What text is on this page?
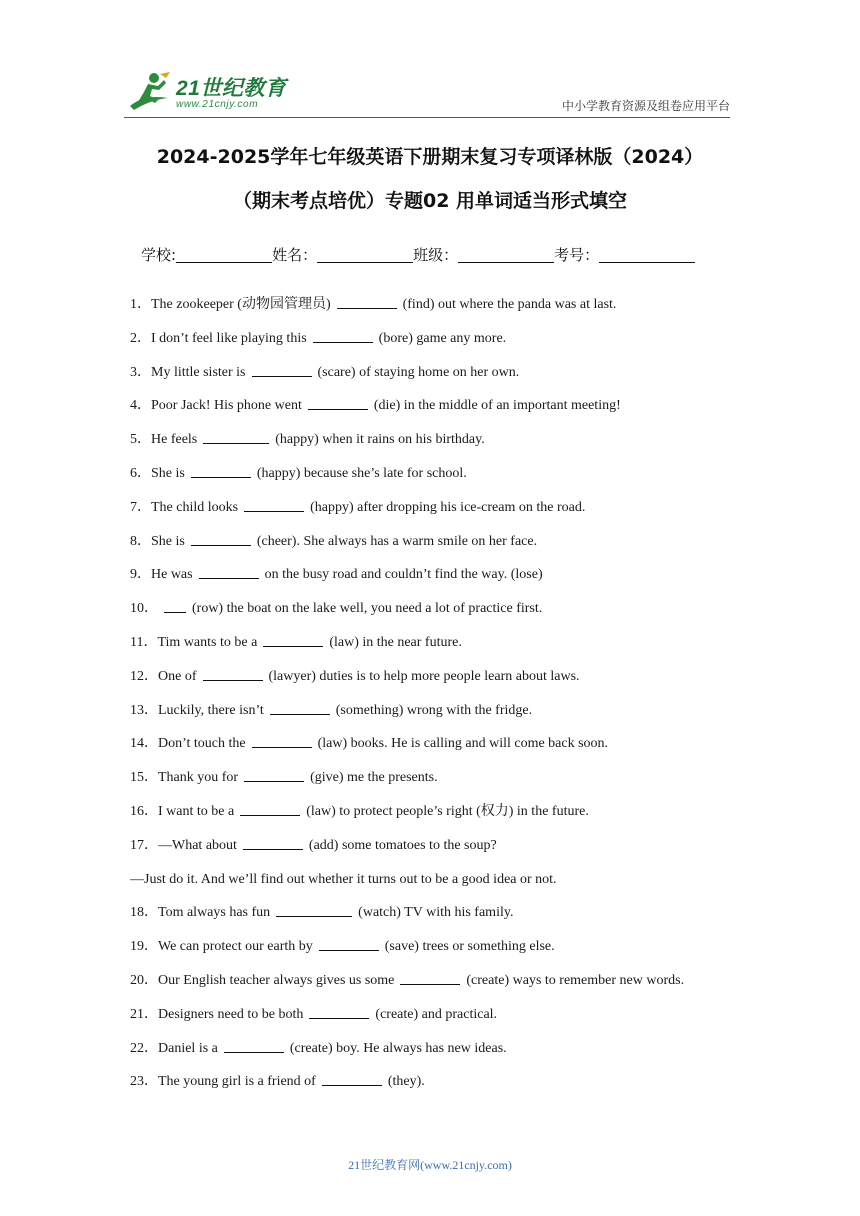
21世纪教育
www.21cnjy.com	中小学教育资源及组卷应用平台
2024-2025学年七年级英语下册期末复习专项译林版（2024）
（期末考点培优）专题02 用单词适当形式填空
学校:	姓名：	班级：	考号：
1．The zookeeper (动物园管理员)	(find) out where the panda was at last.
2．I don’t feel like playing this	(bore) game any more.
3．My little sister is	(scare) of staying home on her own.
4．Poor Jack! His phone went	(die) in the middle of an important meeting!
5．He feels	(happy) when it rains on his birthday.
6．She is	(happy) because she’s late for school.
7．The child looks	(happy) after dropping his ice-cream on the road.
8．She is	(cheer). She always has a warm smile on her face.
9．He was	on the busy road and couldn’t find the way. (lose)
10． (row) the boat on the lake well, you need a lot of practice first.
11．Tim wants to be a	(law) in the near future.
12．One of	(lawyer) duties is to help more people learn about laws.
13．Luckily, there isn’t	(something) wrong with the fridge.
14．Don’t touch the	(law) books. He is calling and will come back soon.
15．Thank you for	(give) me the presents.
16．I want to be a	(law) to protect people’s right (权力) in the future.
17．—What about	(add) some tomatoes to the soup?
—Just do it. And we’ll find out whether it turns out to be a good idea or not.
18．Tom always has fun	(watch) TV with his family.
19．We can protect our earth by	(save) trees or something else.
20．Our English teacher always gives us some	(create) ways to remember new words.
21．Designers need to be both	(create) and practical.
22．Daniel is a	(create) boy. He always has new ideas.
23．The young girl is a friend of	(they).
21世纪教育网(www.21cnjy.com)
